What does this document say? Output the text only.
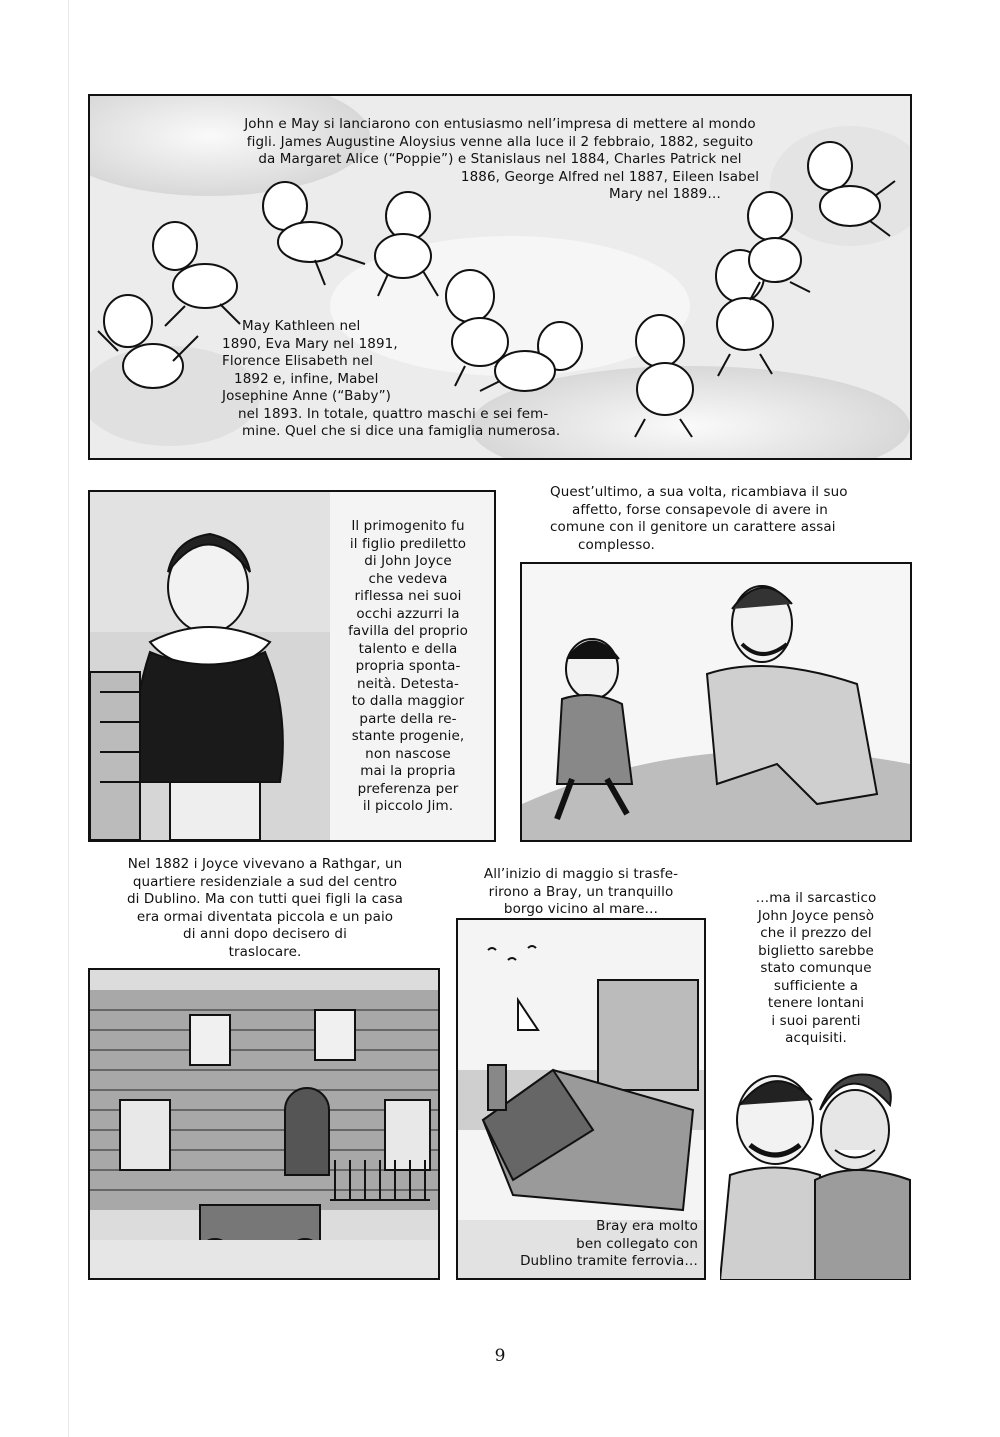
John e May si lanciarono con entusiasmo nell’impresa di mettere al mondo
figli. James Augustine Aloysius venne alla luce il 2 febbraio, 1882, seguito
da Margaret Alice (“Poppie”) e Stanislaus nel 1884, Charles Patrick nel
1886, George Alfred nel 1887, Eileen Isabel
Mary nel 1889…
May Kathleen nel
1890, Eva Mary nel 1891,
Florence Elisabeth nel
1892 e, infine, Mabel
Josephine Anne (“Baby”)
nel 1893. In totale, quattro maschi e sei fem-
mine. Quel che si dice una famiglia numerosa.
Il primogenito fu
il figlio prediletto
di John Joyce
che vedeva
riflessa nei suoi
occhi azzurri la
favilla del proprio
talento e della
propria sponta-
neità. Detesta-
to dalla maggior
parte della re-
stante progenie,
non nascose
mai la propria
preferenza per
il piccolo Jim.
Quest’ultimo, a sua volta, ricambiava il suo
affetto, forse consapevole di avere in
comune con il genitore un carattere assai
complesso.
Nel 1882 i Joyce vivevano a Rathgar, un
quartiere residenziale a sud del centro
di Dublino. Ma con tutti quei figli la casa
era ormai diventata piccola e un paio
di anni dopo decisero di
traslocare.
Bray era molto
ben collegato con
Dublino tramite ferrovia…
All’inizio di maggio si trasfe-
rirono a Bray, un tranquillo
borgo vicino al mare…
…ma il sarcastico
John Joyce pensò
che il prezzo del
biglietto sarebbe
stato comunque
sufficiente a
tenere lontani
i suoi parenti
acquisiti.
9
